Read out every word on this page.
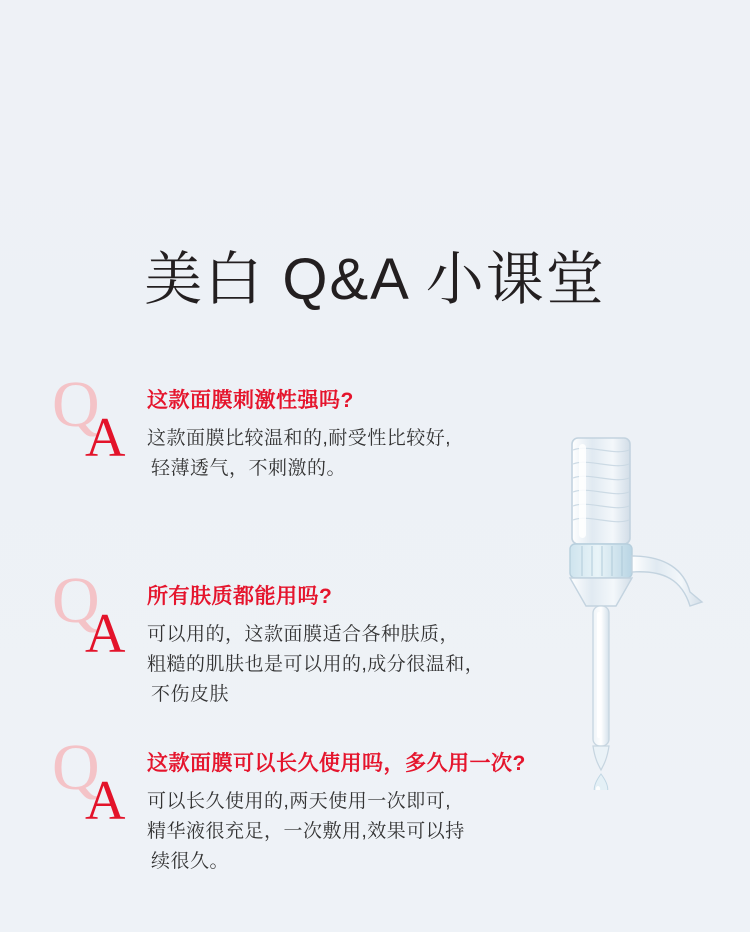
美白 Q&A 小课堂
Q
A
这款面膜刺激性强吗?
这款面膜比较温和的,耐受性比较好,
轻薄透气，不刺激的。
Q
A
所有肤质都能用吗?
可以用的，这款面膜适合各种肤质，
粗糙的肌肤也是可以用的,成分很温和，
不伤皮肤
Q
A
这款面膜可以长久使用吗，多久用一次?
可以长久使用的,两天使用一次即可,
精华液很充足，一次敷用,效果可以持
续很久。
